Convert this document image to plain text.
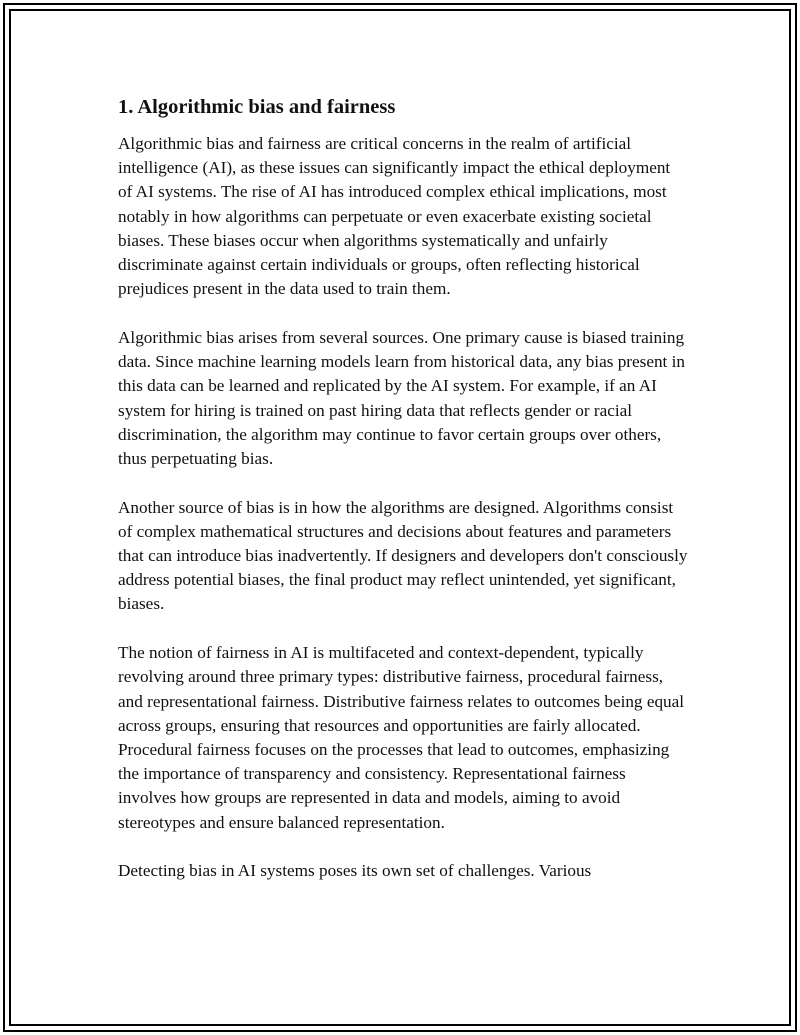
1. Algorithmic bias and fairness

Algorithmic bias and fairness are critical concerns in the realm of artificial intelligence (AI), as these issues can significantly impact the ethical deployment of AI systems. The rise of AI has introduced complex ethical implications, most notably in how algorithms can perpetuate or even exacerbate existing societal biases. These biases occur when algorithms systematically and unfairly discriminate against certain individuals or groups, often reflecting historical prejudices present in the data used to train them.

Algorithmic bias arises from several sources. One primary cause is biased training data. Since machine learning models learn from historical data, any bias present in this data can be learned and replicated by the AI system. For example, if an AI system for hiring is trained on past hiring data that reflects gender or racial discrimination, the algorithm may continue to favor certain groups over others, thus perpetuating bias.

Another source of bias is in how the algorithms are designed. Algorithms consist of complex mathematical structures and decisions about features and parameters that can introduce bias inadvertently. If designers and developers don't consciously address potential biases, the final product may reflect unintended, yet significant, biases.

The notion of fairness in AI is multifaceted and context-dependent, typically revolving around three primary types: distributive fairness, procedural fairness, and representational fairness. Distributive fairness relates to outcomes being equal across groups, ensuring that resources and opportunities are fairly allocated. Procedural fairness focuses on the processes that lead to outcomes, emphasizing the importance of transparency and consistency. Representational fairness involves how groups are represented in data and models, aiming to avoid stereotypes and ensure balanced representation.

Detecting bias in AI systems poses its own set of challenges. Various
